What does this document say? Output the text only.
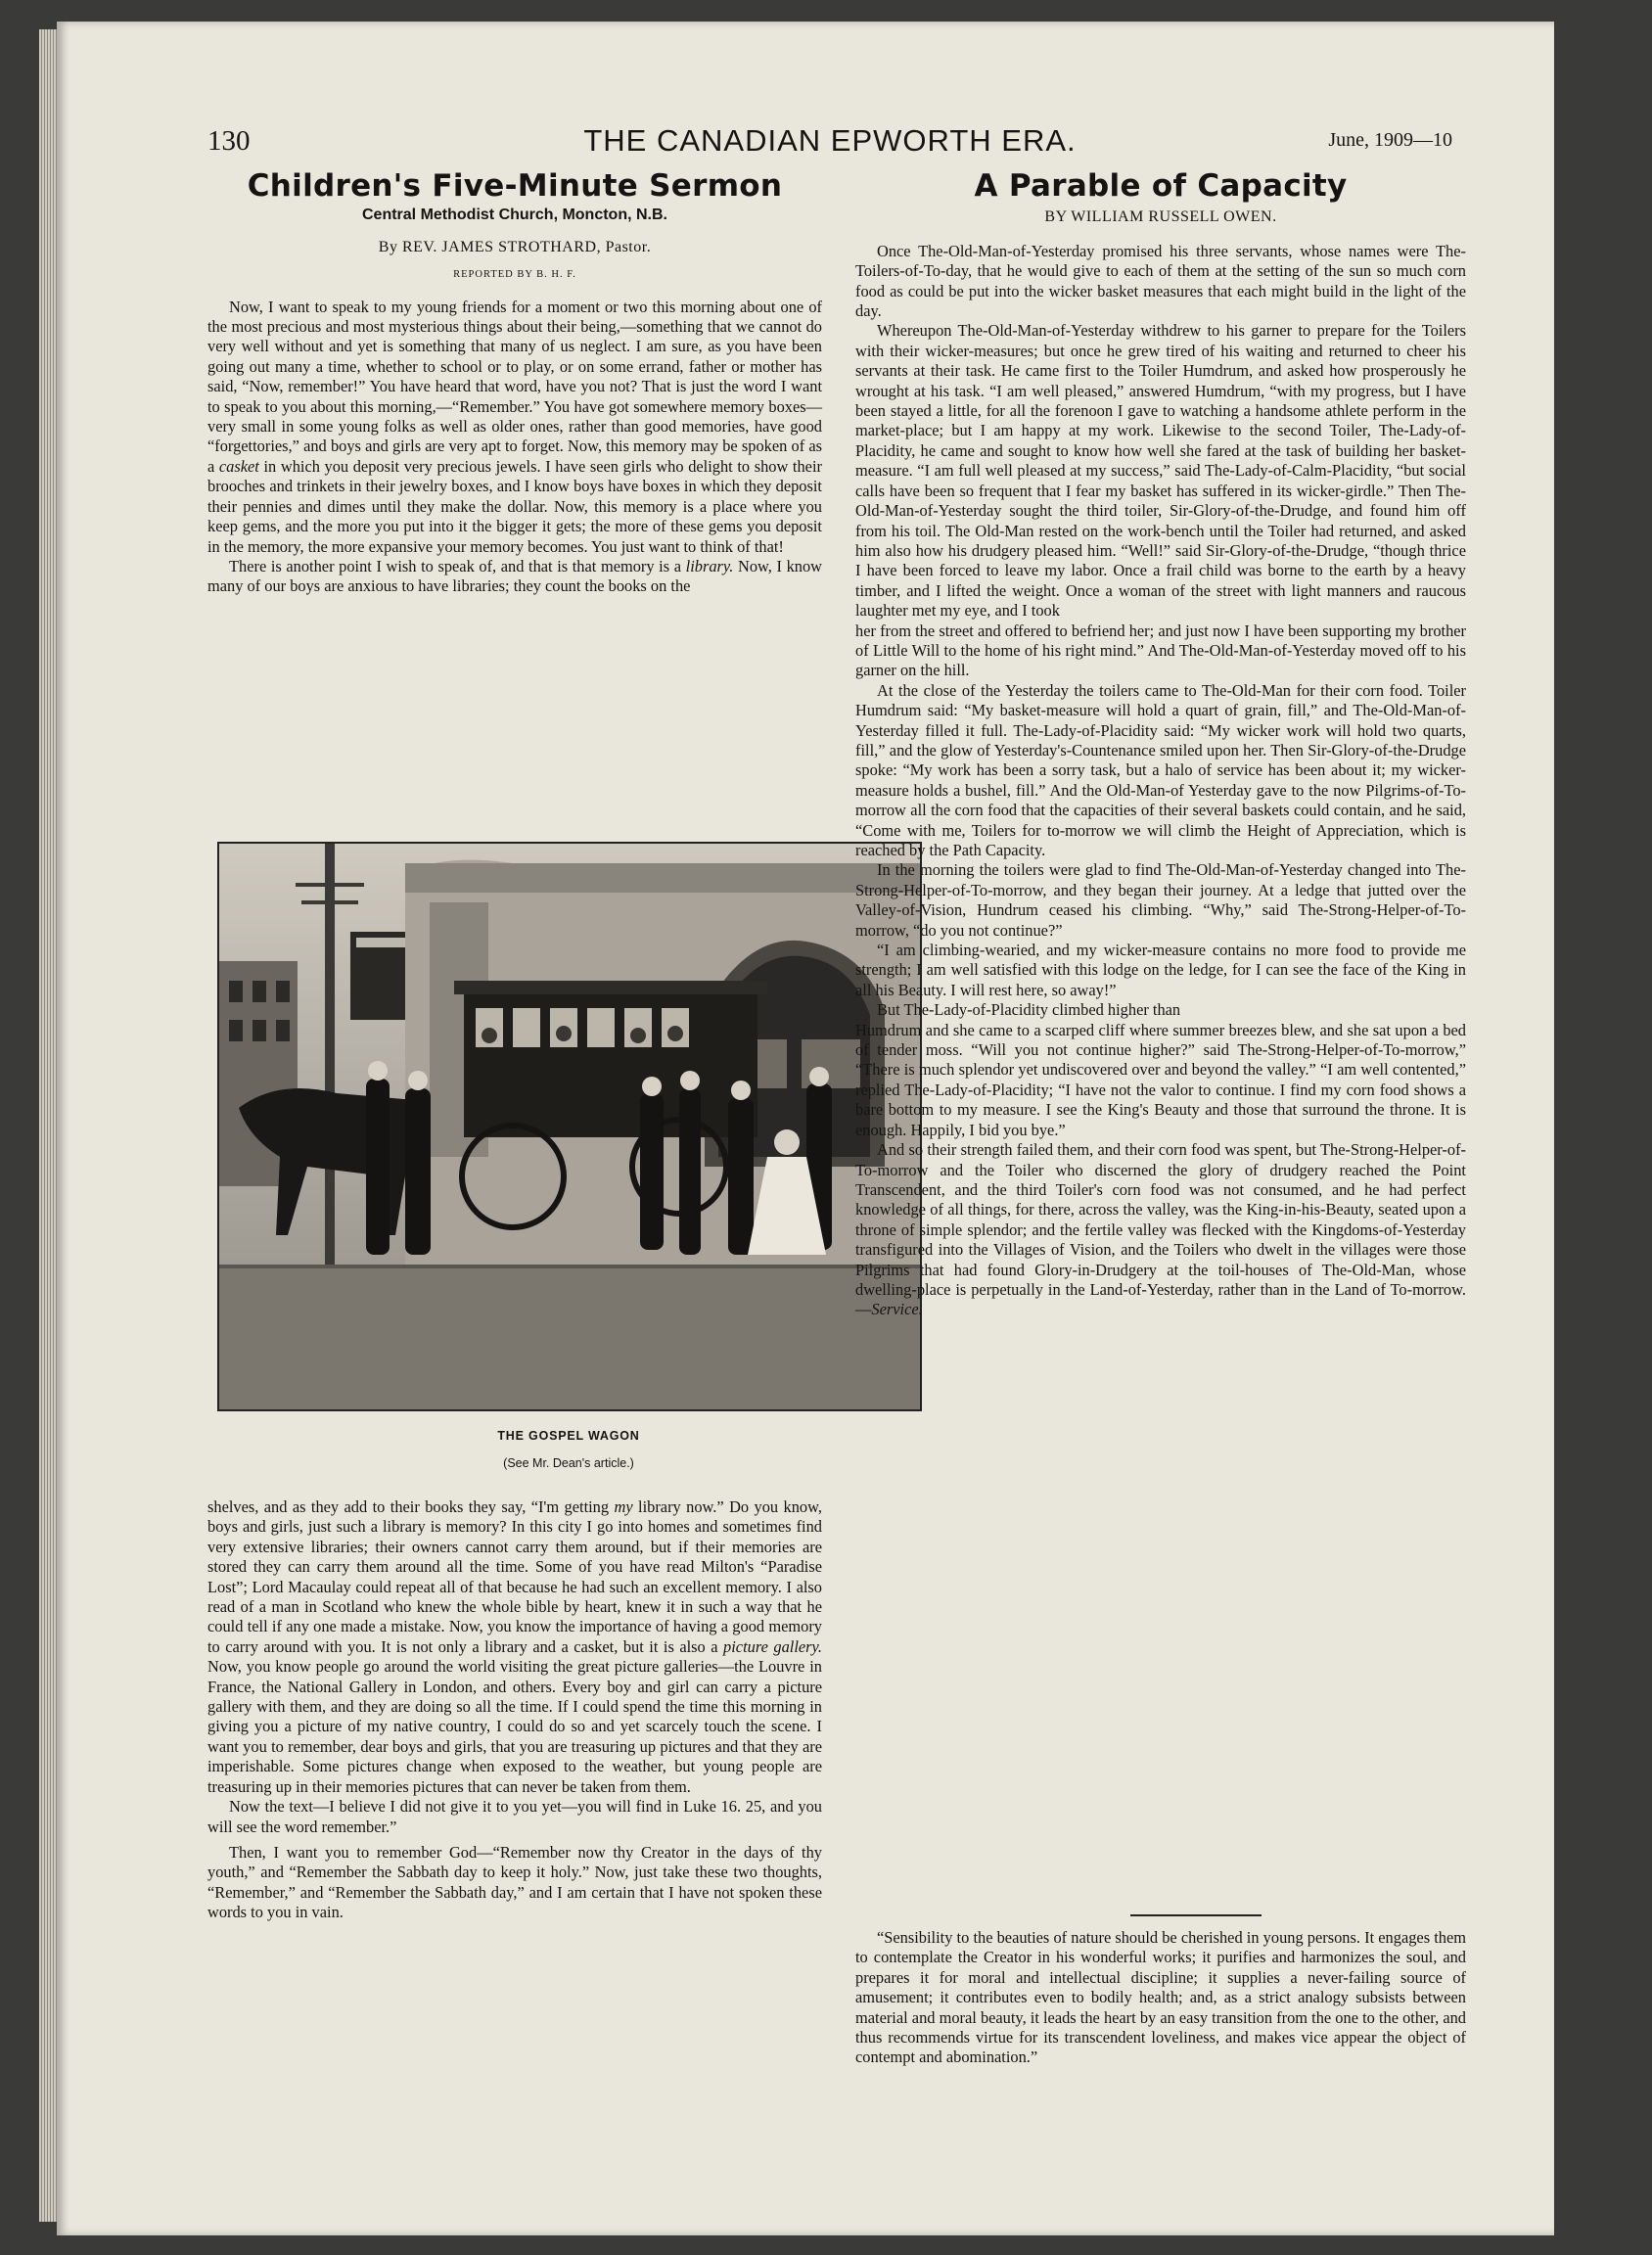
130	THE CANADIAN EPWORTH ERA.	June, 1909—10
Children's Five-Minute Sermon
Central Methodist Church, Moncton, N.B.
By REV. JAMES STROTHARD, Pastor.
REPORTED BY B. H. F.

Now, I want to speak to my young friends for a moment or two this morning about one of the most precious and most mysterious things about their being,—something that we cannot do very well without and yet is something that many of us neglect. I am sure, as you have been going out many a time, whether to school or to play, or on some errand, father or mother has said, “Now, remember!” You have heard that word, have you not? That is just the word I want to speak to you about this morning,—“Remember.” You have got somewhere memory boxes—very small in some young folks as well as older ones, rather than good memories, have good “forgettories,” and boys and girls are very apt to forget. Now, this memory may be spoken of as a casket in which you deposit very precious jewels. I have seen girls who delight to show their brooches and trinkets in their jewelry boxes, and I know boys have boxes in which they deposit their pennies and dimes until they make the dollar. Now, this memory is a place where you keep gems, and the more you put into it the bigger it gets; the more of these gems you deposit in the memory, the more expansive your memory becomes. You just want to think of that!

There is another point I wish to speak of, and that is that memory is a library. Now, I know many of our boys are anxious to have libraries; they count the books on the

THE GOSPEL WAGON
(See Mr. Dean's article.)

shelves, and as they add to their books they say, “I'm getting my library now.” Do you know, boys and girls, just such a library is memory? In this city I go into homes and sometimes find very extensive libraries; their owners cannot carry them around, but if their memories are stored they can carry them around all the time. Some of you have read Milton's “Paradise Lost”; Lord Macaulay could repeat all of that because he had such an excellent memory. I also read of a man in Scotland who knew the whole bible by heart, knew it in such a way that he could tell if any one made a mistake. Now, you know the importance of having a good memory to carry around with you. It is not only a library and a casket, but it is also a picture gallery. Now, you know people go around the world visiting the great picture galleries—the Louvre in France, the National Gallery in London, and others. Every boy and girl can carry a picture gallery with them, and they are doing so all the time. If I could spend the time this morning in giving you a picture of my native country, I could do so and yet scarcely touch the scene. I want you to remember, dear boys and girls, that you are treasuring up pictures and that they are imperishable. Some pictures change when exposed to the weather, but young people are treasuring up in their memories pictures that can never be taken from them.

Now the text—I believe I did not give it to you yet—you will find in Luke 16. 25, and you will see the word remember.”

Then, I want you to remember God—“Remember now thy Creator in the days of thy youth,” and “Remember the Sabbath day to keep it holy.” Now, just take these two thoughts, “Remember,” and “Remember the Sabbath day,” and I am certain that I have not spoken these words to you in vain.

A Parable of Capacity
BY WILLIAM RUSSELL OWEN.

Once The-Old-Man-of-Yesterday promised his three servants, whose names were The-Toilers-of-To-day, that he would give to each of them at the setting of the sun so much corn food as could be put into the wicker basket measures that each might build in the light of the day.

Whereupon The-Old-Man-of-Yesterday withdrew to his garner to prepare for the Toilers with their wicker-measures; but once he grew tired of his waiting and returned to cheer his servants at their task. He came first to the Toiler Humdrum, and asked how prosperously he wrought at his task. “I am well pleased,” answered Humdrum, “with my progress, but I have been stayed a little, for all the forenoon I gave to watching a handsome athlete perform in the market-place; but I am happy at my work. Likewise to the second Toiler, The-Lady-of-Placidity, he came and sought to know how well she fared at the task of building her basket-measure. “I am full well pleased at my success,” said The-Lady-of-Calm-Placidity, “but social calls have been so frequent that I fear my basket has suffered in its wicker-girdle.” Then The-Old-Man-of-Yesterday sought the third toiler, Sir-Glory-of-the-Drudge, and found him off from his toil. The Old-Man rested on the work-bench until the Toiler had returned, and asked him also how his drudgery pleased him. “Well!” said Sir-Glory-of-the-Drudge, “though thrice I have been forced to leave my labor. Once a frail child was borne to the earth by a heavy timber, and I lifted the weight. Once a woman of the street with light manners and raucous laughter met my eye, and I took

her from the street and offered to befriend her; and just now I have been supporting my brother of Little Will to the home of his right mind.” And The-Old-Man-of-Yesterday moved off to his garner on the hill.

At the close of the Yesterday the toilers came to The-Old-Man for their corn food. Toiler Humdrum said: “My basket-measure will hold a quart of grain, fill,” and The-Old-Man-of-Yesterday filled it full. The-Lady-of-Placidity said: “My wicker work will hold two quarts, fill,” and the glow of Yesterday's-Countenance smiled upon her. Then Sir-Glory-of-the-Drudge spoke: “My work has been a sorry task, but a halo of service has been about it; my wicker-measure holds a bushel, fill.” And the Old-Man-of Yesterday gave to the now Pilgrims-of-To-morrow all the corn food that the capacities of their several baskets could contain, and he said, “Come with me, Toilers for to-morrow we will climb the Height of Appreciation, which is reached by the Path Capacity.

In the morning the toilers were glad to find The-Old-Man-of-Yesterday changed into The-Strong-Helper-of-To-morrow, and they began their journey. At a ledge that jutted over the Valley-of-Vision, Hundrum ceased his climbing. “Why,” said The-Strong-Helper-of-To-morrow, “do you not continue?”

“I am climbing-wearied, and my wicker-measure contains no more food to provide me strength; I am well satisfied with this lodge on the ledge, for I can see the face of the King in all his Beauty. I will rest here, so away!”

But The-Lady-of-Placidity climbed higher than

Humdrum and she came to a scarped cliff where summer breezes blew, and she sat upon a bed of tender moss. “Will you not continue higher?” said The-Strong-Helper-of-To-morrow,” “There is much splendor yet undiscovered over and beyond the valley.” “I am well contented,” replied The-Lady-of-Placidity; “I have not the valor to continue. I find my corn food shows a bare bottom to my measure. I see the King's Beauty and those that surround the throne. It is enough. Happily, I bid you bye.”

And so their strength failed them, and their corn food was spent, but The-Strong-Helper-of-To-morrow and the Toiler who discerned the glory of drudgery reached the Point Transcendent, and the third Toiler's corn food was not consumed, and he had perfect knowledge of all things, for there, across the valley, was the King-in-his-Beauty, seated upon a throne of simple splendor; and the fertile valley was flecked with the Kingdoms-of-Yesterday transfigured into the Villages of Vision, and the Toilers who dwelt in the villages were those Pilgrims that had found Glory-in-Drudgery at the toil-houses of The-Old-Man, whose dwelling-place is perpetually in the Land-of-Yesterday, rather than in the Land of To-morrow.—Service.

“Sensibility to the beauties of nature should be cherished in young persons. It engages them to contemplate the Creator in his wonderful works; it purifies and harmonizes the soul, and prepares it for moral and intellectual discipline; it supplies a never-failing source of amusement; it contributes even to bodily health; and, as a strict analogy subsists between material and moral beauty, it leads the heart by an easy transition from the one to the other, and thus recommends virtue for its transcendent loveliness, and makes vice appear the object of contempt and abomination.”
